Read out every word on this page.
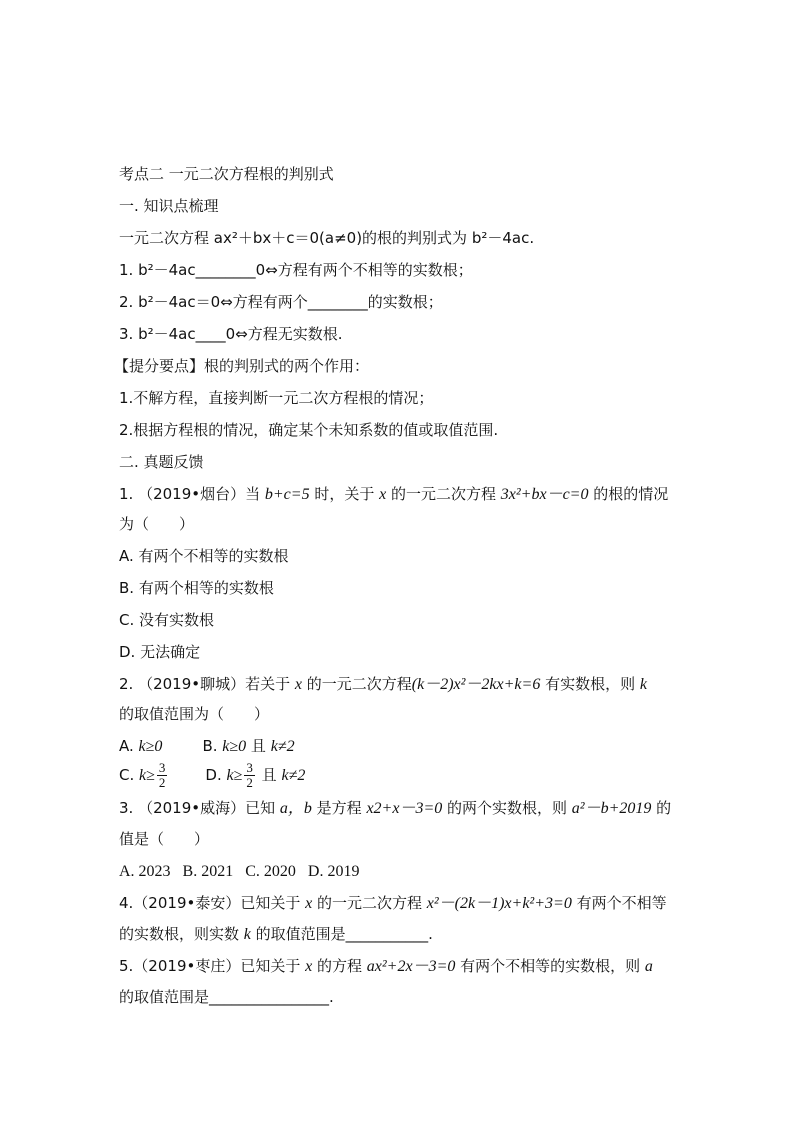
考点二 一元二次方程根的判别式
一. 知识点梳理
一元二次方程 ax²＋bx＋c＝0(a≠0)的根的判别式为 b²－4ac.
1. b²－4ac________0⇔方程有两个不相等的实数根；
2. b²－4ac＝0⇔方程有两个________的实数根；
3. b²－4ac____0⇔方程无实数根.
【提分要点】根的判别式的两个作用：
1.不解方程，直接判断一元二次方程根的情况；
2.根据方程根的情况，确定某个未知系数的值或取值范围.
二. 真题反馈
1. （2019•烟台）当 b+c=5 时，关于 x 的一元二次方程 3x²+bx－c=0 的根的情况
为（　　）
A. 有两个不相等的实数根
B. 有两个相等的实数根
C. 没有实数根
D. 无法确定
2. （2019•聊城）若关于 x 的一元二次方程(k－2)x²－2kx+k=6 有实数根，则 k
的取值范围为（　　）
A. k≥0	B. k≥0 且 k≠2
C. $k\ge \frac{3}{2}$	D. $k\ge \frac{3}{2}$ 且 k≠2
3. （2019•威海）已知 a，b 是方程 x2+x－3=0 的两个实数根，则 a²－b+2019 的
值是（　　）
A. 2023   B. 2021   C. 2020   D. 2019
4.（2019•泰安）已知关于 x 的一元二次方程 x²－(2k－1)x+k²+3=0 有两个不相等
的实数根，则实数 k 的取值范围是___________.
5.（2019•枣庄）已知关于 x 的方程 ax²+2x－3=0 有两个不相等的实数根，则 a
的取值范围是________________.
